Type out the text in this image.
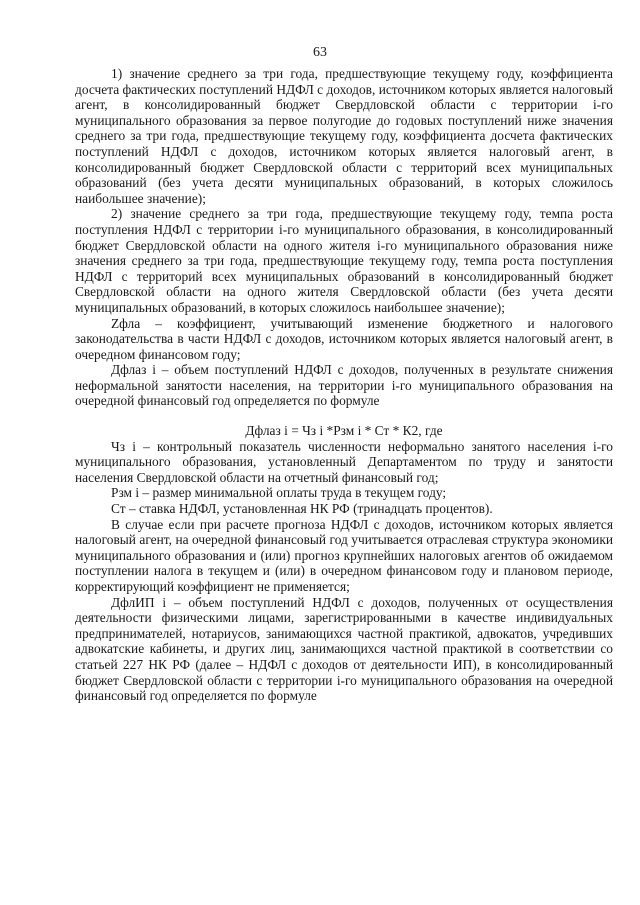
63

1) значение среднего за три года, предшествующие текущему году, коэффициента досчета фактических поступлений НДФЛ с доходов, источником которых является налоговый агент, в консолидированный бюджет Свердловской области с территории i-го муниципального образования за первое полугодие до годовых поступлений ниже значения среднего за три года, предшествующие текущему году, коэффициента досчета фактических поступлений НДФЛ с доходов, источником которых является налоговый агент, в консолидированный бюджет Свердловской области с территорий всех муниципальных образований (без учета десяти муниципальных образований, в которых сложилось наибольшее значение);

2) значение среднего за три года, предшествующие текущему году, темпа роста поступления НДФЛ с территории i-го муниципального образования, в консолидированный бюджет Свердловской области на одного жителя i-го муниципального образования ниже значения среднего за три года, предшествующие текущему году, темпа роста поступления НДФЛ с территорий всех муниципальных образований в консолидированный бюджет Свердловской области на одного жителя Свердловской области (без учета десяти муниципальных образований, в которых сложилось наибольшее значение);

Zфла – коэффициент, учитывающий изменение бюджетного и налогового законодательства в части НДФЛ с доходов, источником которых является налоговый агент, в очередном финансовом году;

Дфлаз i – объем поступлений НДФЛ с доходов, полученных в результате снижения неформальной занятости населения, на территории i-го муниципального образования на очередной финансовый год определяется по формуле

Дфлаз i = Чз i *Рзм i * Ст * К2, где

Чз i – контрольный показатель численности неформально занятого населения i-го муниципального образования, установленный Департаментом по труду и занятости населения Свердловской области на отчетный финансовый год;

Рзм i – размер минимальной оплаты труда в текущем году;

Ст – ставка НДФЛ, установленная НК РФ (тринадцать процентов).

В случае если при расчете прогноза НДФЛ с доходов, источником которых является налоговый агент, на очередной финансовый год учитывается отраслевая структура экономики муниципального образования и (или) прогноз крупнейших налоговых агентов об ожидаемом поступлении налога в текущем и (или) в очередном финансовом году и плановом периоде, корректирующий коэффициент не применяется;

ДфлИП i – объем поступлений НДФЛ с доходов, полученных от осуществления деятельности физическими лицами, зарегистрированными в качестве индивидуальных предпринимателей, нотариусов, занимающихся частной практикой, адвокатов, учредивших адвокатские кабинеты, и других лиц, занимающихся частной практикой в соответствии со статьей 227 НК РФ (далее – НДФЛ с доходов от деятельности ИП), в консолидированный бюджет Свердловской области с территории i-го муниципального образования на очередной финансовый год определяется по формуле
